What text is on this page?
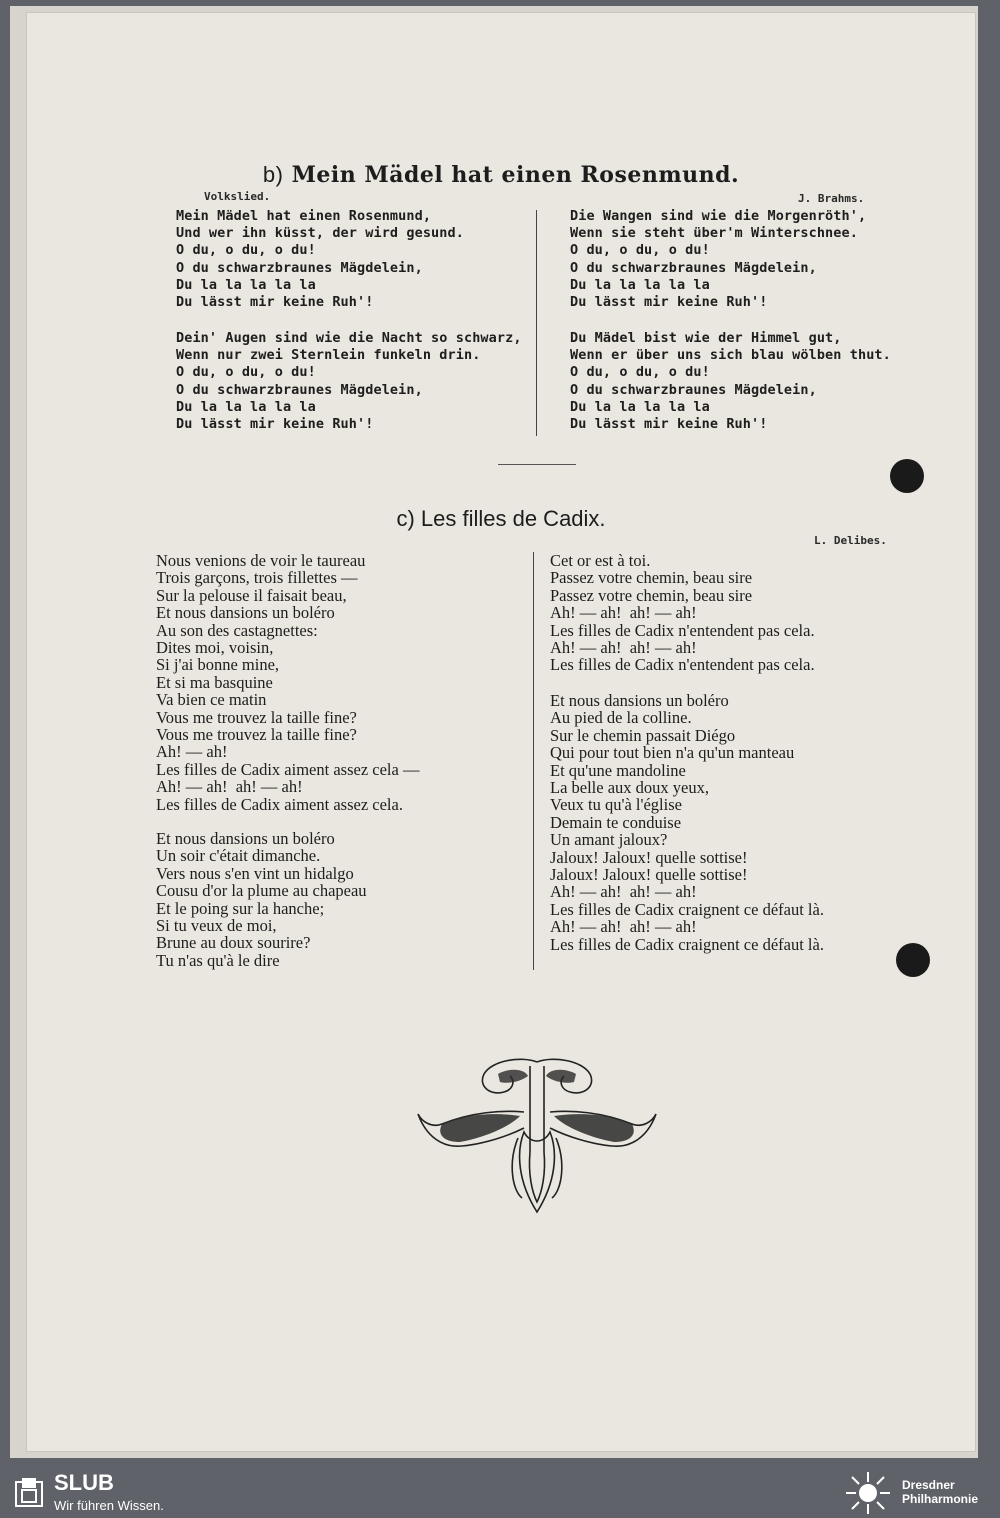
b) Mein Mädel hat einen Rosenmund.
Volkslied.	J. Brahms.
Mein Mädel hat einen Rosenmund,
Und wer ihn küsst, der wird gesund.
O du, o du, o du!
O du schwarzbraunes Mägdelein,
Du la la la la la
Du lässt mir keine Ruh'!
Dein' Augen sind wie die Nacht so schwarz,
Wenn nur zwei Sternlein funkeln drin.
O du, o du, o du!
O du schwarzbraunes Mägdelein,
Du la la la la la
Du lässt mir keine Ruh'!
Die Wangen sind wie die Morgenröth',
Wenn sie steht über'm Winterschnee.
O du, o du, o du!
O du schwarzbraunes Mägdelein,
Du la la la la la
Du lässt mir keine Ruh'!
Du Mädel bist wie der Himmel gut,
Wenn er über uns sich blau wölben thut.
O du, o du, o du!
O du schwarzbraunes Mägdelein,
Du la la la la la
Du lässt mir keine Ruh'!
c) Les filles de Cadix.
L. Delibes.
Nous venions de voir le taureau
Trois garçons, trois fillettes —
Sur la pelouse il faisait beau,
Et nous dansions un boléro
Au son des castagnettes:
Dites moi, voisin,
Si j'ai bonne mine,
Et si ma basquine
Va bien ce matin
Vous me trouvez la taille fine?
Vous me trouvez la taille fine?
Ah! — ah!
Les filles de Cadix aiment assez cela —
Ah! — ah!  ah! — ah!
Les filles de Cadix aiment assez cela.
Et nous dansions un boléro
Un soir c'était dimanche.
Vers nous s'en vint un hidalgo
Cousu d'or la plume au chapeau
Et le poing sur la hanche;
Si tu veux de moi,
Brune au doux sourire?
Tu n'as qu'à le dire
Cet or est à toi.
Passez votre chemin, beau sire
Passez votre chemin, beau sire
Ah! — ah!  ah! — ah!
Les filles de Cadix n'entendent pas cela.
Ah! — ah!  ah! — ah!
Les filles de Cadix n'entendent pas cela.
Et nous dansions un boléro
Au pied de la colline.
Sur le chemin passait Diégo
Qui pour tout bien n'a qu'un manteau
Et qu'une mandoline
La belle aux doux yeux,
Veux tu qu'à l'église
Demain te conduise
Un amant jaloux?
Jaloux! Jaloux! quelle sottise!
Jaloux! Jaloux! quelle sottise!
Ah! — ah!  ah! — ah!
Les filles de Cadix craignent ce défaut là.
Ah! — ah!  ah! — ah!
Les filles de Cadix craignent ce défaut là.
SLUB
Wir führen Wissen.
Dresdner
Philharmonie
